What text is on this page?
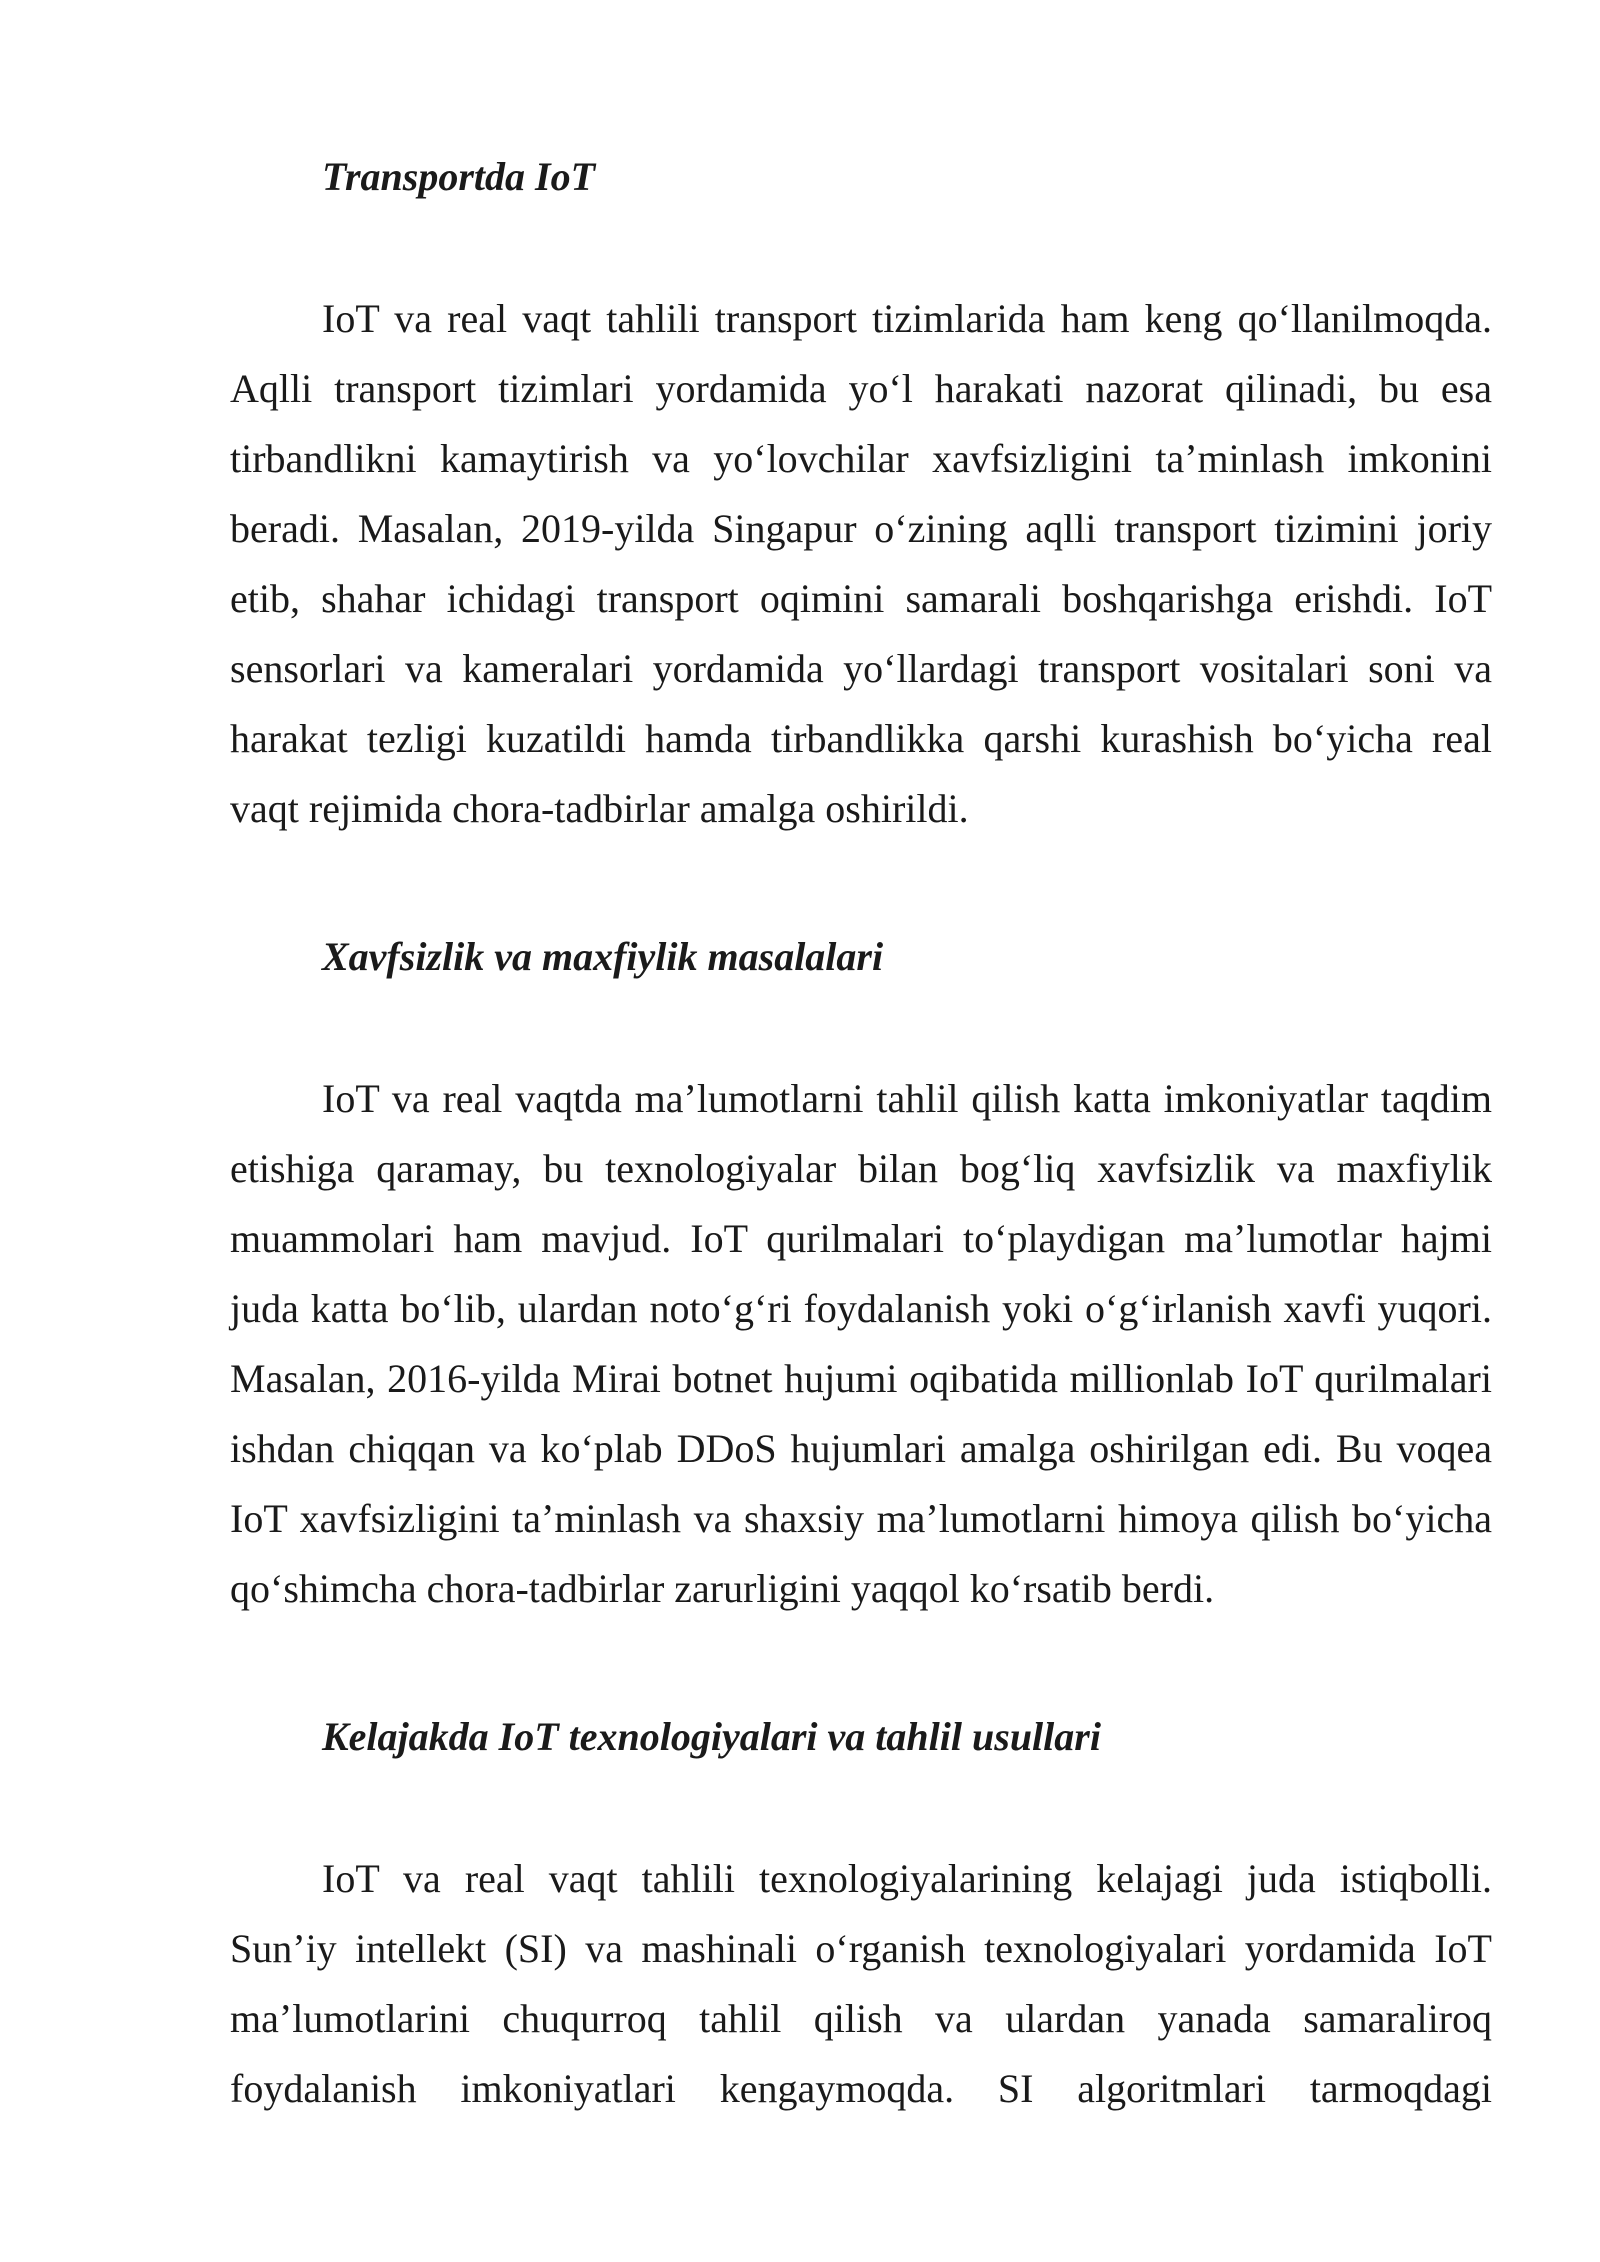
Transportda IoT

IoT va real vaqt tahlili transport tizimlarida ham keng qoʻllanilmoqda. Aqlli transport tizimlari yordamida yoʻl harakati nazorat qilinadi, bu esa tirbandlikni kamaytirish va yoʻlovchilar xavfsizligini taʼminlash imkonini beradi. Masalan, 2019-yilda Singapur oʻzining aqlli transport tizimini joriy etib, shahar ichidagi transport oqimini samarali boshqarishga erishdi. IoT sensorlari va kameralari yordamida yoʻllardagi transport vositalari soni va harakat tezligi kuzatildi hamda tirbandlikka qarshi kurashish boʻyicha real vaqt rejimida chora-tadbirlar amalga oshirildi.

Xavfsizlik va maxfiylik masalalari

IoT va real vaqtda maʼlumotlarni tahlil qilish katta imkoniyatlar taqdim etishiga qaramay, bu texnologiyalar bilan bogʻliq xavfsizlik va maxfiylik muammolari ham mavjud. IoT qurilmalari toʻplaydigan maʼlumotlar hajmi juda katta boʻlib, ulardan notoʻgʻri foydalanish yoki oʻgʻirlanish xavfi yuqori. Masalan, 2016-yilda Mirai botnet hujumi oqibatida millionlab IoT qurilmalari ishdan chiqqan va koʻplab DDoS hujumlari amalga oshirilgan edi. Bu voqea IoT xavfsizligini taʼminlash va shaxsiy maʼlumotlarni himoya qilish boʻyicha qoʻshimcha chora-tadbirlar zarurligini yaqqol koʻrsatib berdi.

Kelajakda IoT texnologiyalari va tahlil usullari

IoT va real vaqt tahlili texnologiyalarining kelajagi juda istiqbolli. Sunʼiy intellekt (SI) va mashinali oʻrganish texnologiyalari yordamida IoT maʼlumotlarini chuqurroq tahlil qilish va ulardan yanada samaraliroq foydalanish imkoniyatlari kengaymoqda. SI algoritmlari tarmoqdagi
